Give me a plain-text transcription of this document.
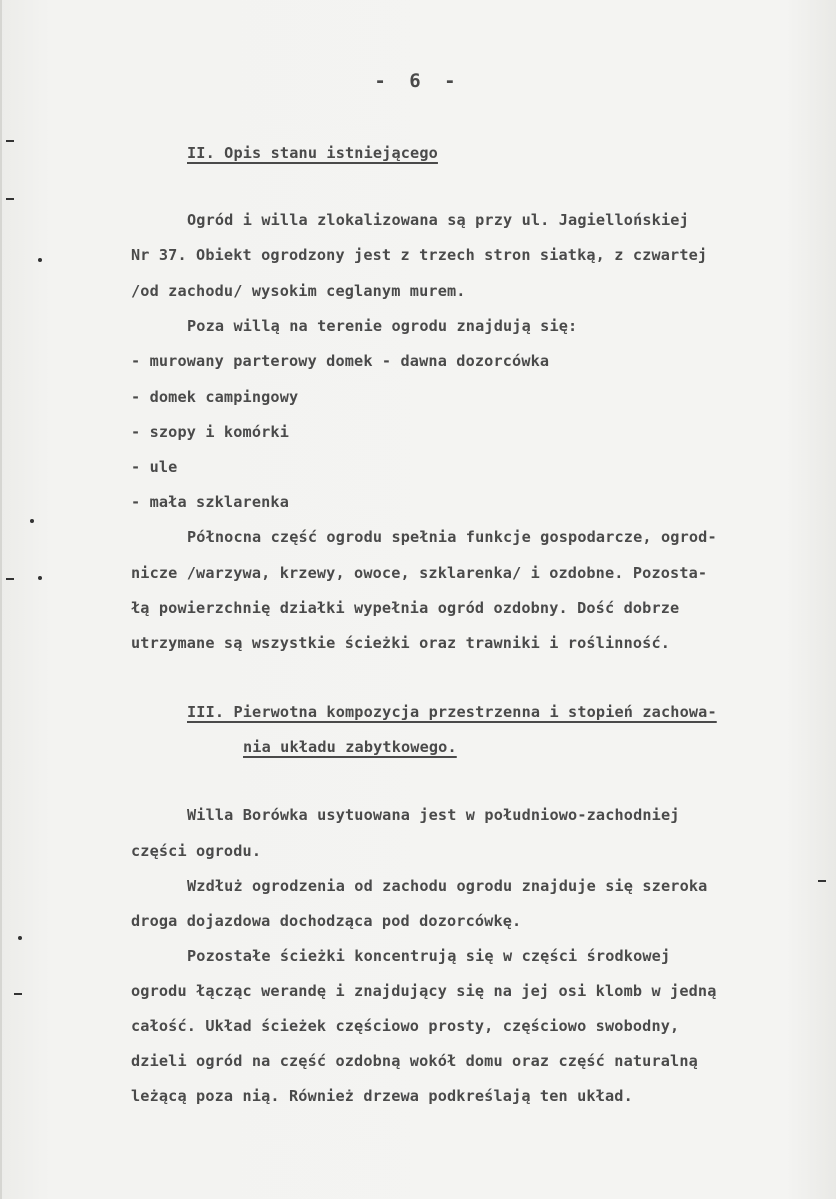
- 6 -
II. Opis stanu istniejącego
Ogród i willa zlokalizowana są przy ul. Jagiellońskiej
Nr 37. Obiekt ogrodzony jest z trzech stron siatką, z czwartej
/od zachodu/ wysokim ceglanym murem.
Poza willą na terenie ogrodu znajdują się:
- murowany parterowy domek - dawna dozorcówka
- domek campingowy
- szopy i komórki
- ule
- mała szklarenka
Północna część ogrodu spełnia funkcje gospodarcze, ogrod-
nicze /warzywa, krzewy, owoce, szklarenka/ i ozdobne. Pozosta-
łą powierzchnię działki wypełnia ogród ozdobny. Dość dobrze
utrzymane są wszystkie ścieżki oraz trawniki i roślinność.
III. Pierwotna kompozycja przestrzenna i stopień zachowa-
nia układu zabytkowego.
Willa Borówka usytuowana jest w południowo-zachodniej
części ogrodu.
Wzdłuż ogrodzenia od zachodu ogrodu znajduje się szeroka
droga dojazdowa dochodząca pod dozorcówkę.
Pozostałe ścieżki koncentrują się w części środkowej
ogrodu łącząc werandę i znajdujący się na jej osi klomb w jedną
całość. Układ ścieżek częściowo prosty, częściowo swobodny,
dzieli ogród na część ozdobną wokół domu oraz część naturalną
leżącą poza nią. Również drzewa podkreślają ten układ.
